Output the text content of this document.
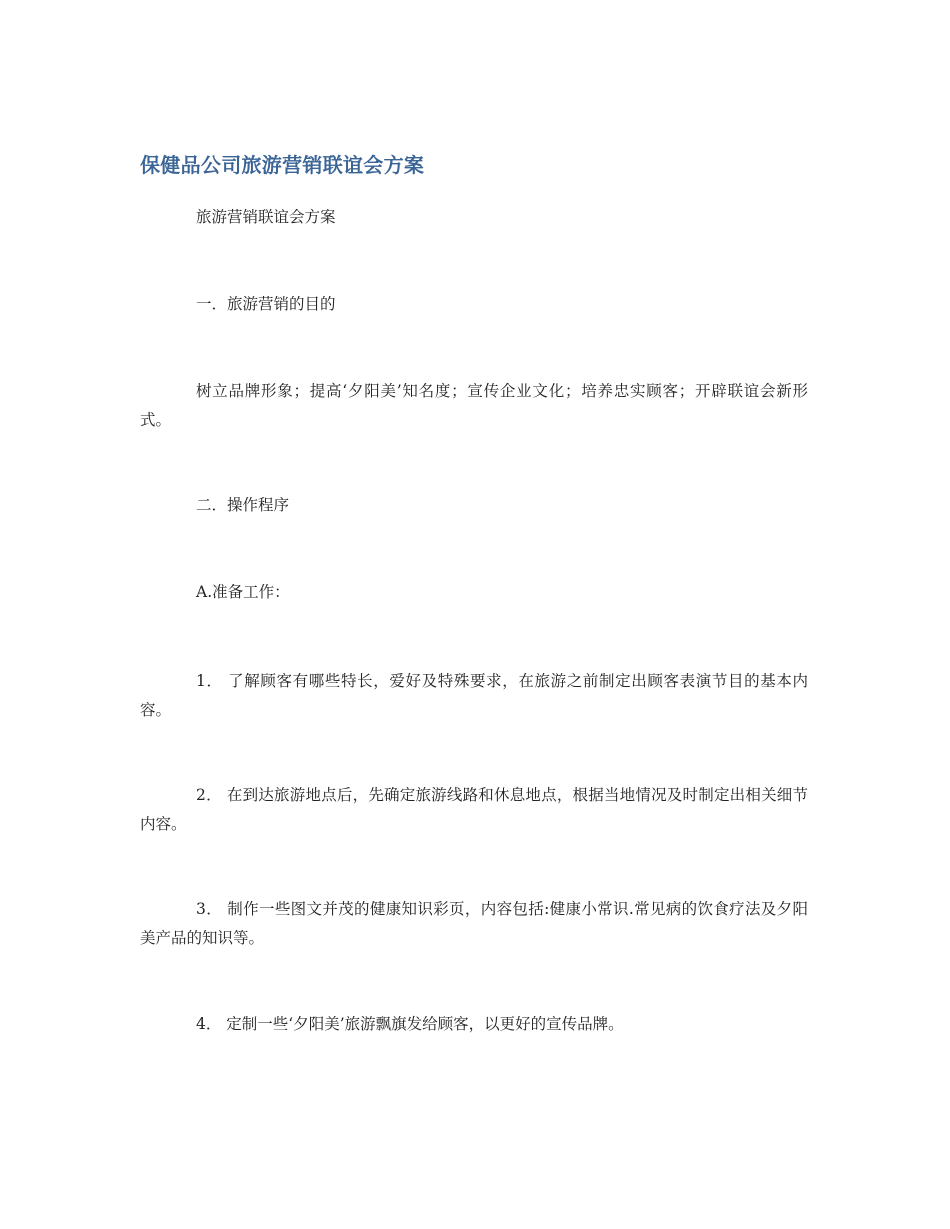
保健品公司旅游营销联谊会方案

旅游营销联谊会方案

一．旅游营销的目的

树立品牌形象；提高‘夕阳美’知名度；宣传企业文化；培养忠实顾客；开辟联谊会新形式。

二．操作程序

A.准备工作：

1． 了解顾客有哪些特长，爱好及特殊要求，在旅游之前制定出顾客表演节目的基本内容。

2． 在到达旅游地点后，先确定旅游线路和休息地点，根据当地情况及时制定出相关细节内容。

3． 制作一些图文并茂的健康知识彩页，内容包括:健康小常识.常见病的饮食疗法及夕阳美产品的知识等。

4． 定制一些‘夕阳美’旅游飘旗发给顾客，以更好的宣传品牌。
